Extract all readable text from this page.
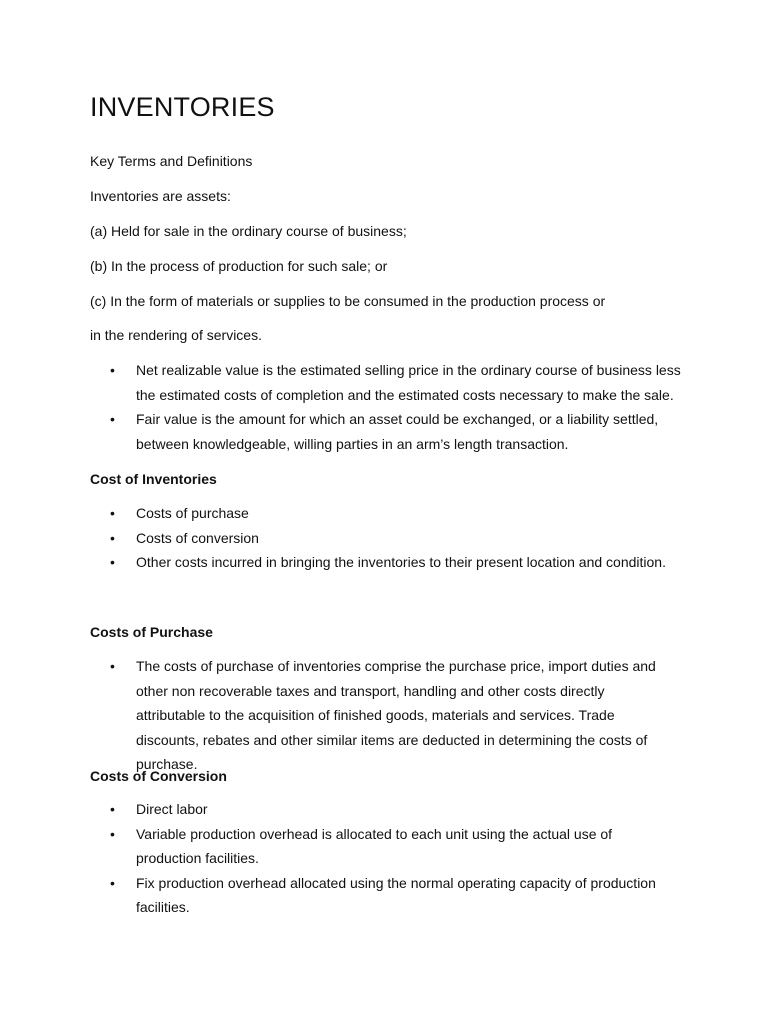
INVENTORIES

Key Terms and Definitions

Inventories are assets:

(a) Held for sale in the ordinary course of business;

(b) In the process of production for such sale; or

(c) In the form of materials or supplies to be consumed in the production process or

in the rendering of services.

• Net realizable value is the estimated selling price in the ordinary course of business less the estimated costs of completion and the estimated costs necessary to make the sale.
• Fair value is the amount for which an asset could be exchanged, or a liability settled, between knowledgeable, willing parties in an arm’s length transaction.
Cost of Inventories
• Costs of purchase
• Costs of conversion
• Other costs incurred in bringing the inventories to their present location and condition.
Costs of Purchase
• The costs of purchase of inventories comprise the purchase price, import duties and other non recoverable taxes and transport, handling and other costs directly attributable to the acquisition of finished goods, materials and services. Trade discounts, rebates and other similar items are deducted in determining the costs of purchase.
Costs of Conversion
• Direct labor
• Variable production overhead is allocated to each unit using the actual use of production facilities.
• Fix production overhead allocated using the normal operating capacity of production facilities.
